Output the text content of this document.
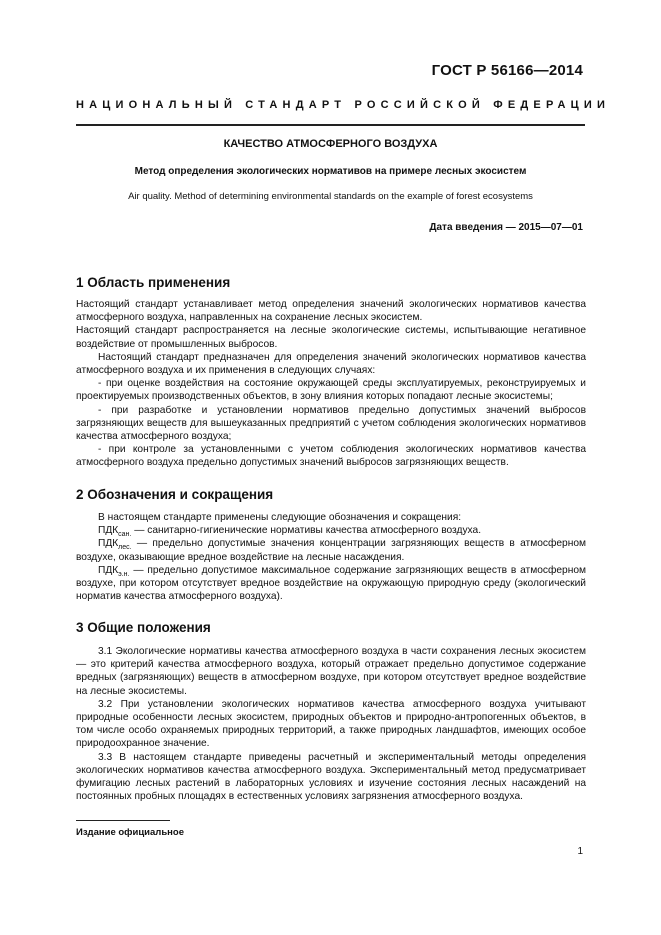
ГОСТ Р 56166—2014
НАЦИОНАЛЬНЫЙ СТАНДАРТ РОССИЙСКОЙ ФЕДЕРАЦИИ
КАЧЕСТВО АТМОСФЕРНОГО ВОЗДУХА
Метод определения экологических нормативов на примере лесных экосистем
Air quality. Method of determining environmental standards on the example of forest ecosystems
Дата введения — 2015—07—01
1 Область применения

Настоящий стандарт устанавливает метод определения значений экологических нормативов качества атмосферного воздуха, направленных на сохранение лесных экосистем.

Настоящий стандарт распространяется на лесные экологические системы, испытывающие негативное воздействие от промышленных выбросов.

Настоящий стандарт предназначен для определения значений экологических нормативов качества атмосферного воздуха и их применения в следующих случаях:

- при оценке воздействия на состояние окружающей среды эксплуатируемых, реконструируемых и проектируемых производственных объектов, в зону влияния которых попадают лесные экосистемы;

- при разработке и установлении нормативов предельно допустимых значений выбросов загрязняющих веществ для вышеуказанных предприятий с учетом соблюдения экологических нормативов качества атмосферного воздуха;

- при контроле за установленными с учетом соблюдения экологических нормативов качества атмосферного воздуха предельно допустимых значений выбросов загрязняющих веществ.

2 Обозначения и сокращения

В настоящем стандарте применены следующие обозначения и сокращения:

$ПДК_{сан.}$ — санитарно-гигиенические нормативы качества атмосферного воздуха.

$ПДК_{лес.}$ — предельно допустимые значения концентрации загрязняющих веществ в атмосферном воздухе, оказывающие вредное воздействие на лесные насаждения.

$ПДК_{э.н.}$ — предельно допустимое максимальное содержание загрязняющих веществ в атмосферном воздухе, при котором отсутствует вредное воздействие на окружающую природную среду (экологический норматив качества атмосферного воздуха).

3 Общие положения

3.1 Экологические нормативы качества атмосферного воздуха в части сохранения лесных экосистем — это критерий качества атмосферного воздуха, который отражает предельно допустимое содержание вредных (загрязняющих) веществ в атмосферном воздухе, при котором отсутствует вредное воздействие на лесные экосистемы.

3.2 При установлении экологических нормативов качества атмосферного воздуха учитывают природные особенности лесных экосистем, природных объектов и природно-антропогенных объектов, в том числе особо охраняемых природных территорий, а также природных ландшафтов, имеющих особое природоохранное значение.

3.3 В настоящем стандарте приведены расчетный и экспериментальный методы определения экологических нормативов качества атмосферного воздуха. Экспериментальный метод предусматривает фумигацию лесных растений в лабораторных условиях и изучение состояния лесных насаждений на постоянных пробных площадях в естественных условиях загрязнения атмосферного воздуха.

Издание официальное
1
